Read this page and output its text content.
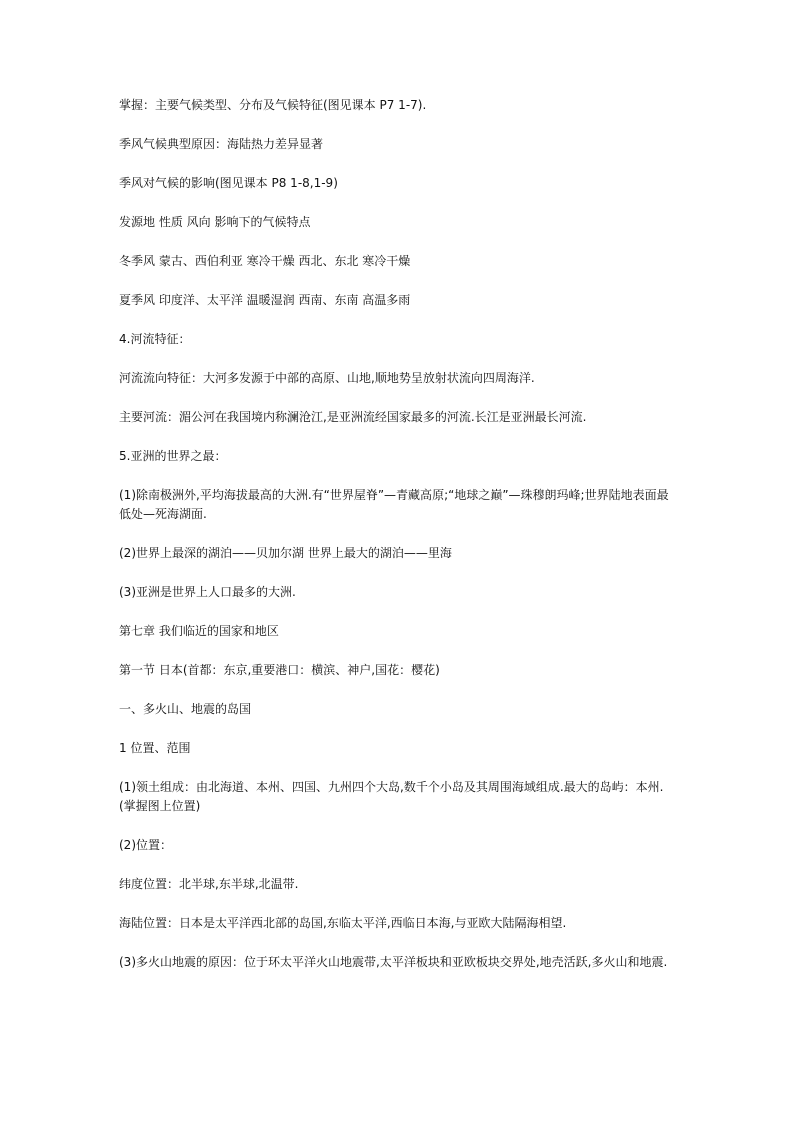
掌握：主要气候类型、分布及气候特征(图见课本 P7 1-7).

季风气候典型原因：海陆热力差异显著

季风对气候的影响(图见课本 P8 1-8,1-9)

发源地 性质 风向 影响下的气候特点

冬季风 蒙古、西伯利亚 寒冷干燥 西北、东北 寒冷干燥

夏季风 印度洋、太平洋 温暖湿润 西南、东南 高温多雨

4.河流特征：

河流流向特征：大河多发源于中部的高原、山地,顺地势呈放射状流向四周海洋.

主要河流：湄公河在我国境内称澜沧江,是亚洲流经国家最多的河流.长江是亚洲最长河流.

5.亚洲的世界之最：

(1)除南极洲外,平均海拔最高的大洲.有“世界屋脊”—青藏高原;“地球之巅”—珠穆朗玛峰;世界陆地表面最低处—死海湖面.

(2)世界上最深的湖泊——贝加尔湖 世界上最大的湖泊——里海

(3)亚洲是世界上人口最多的大洲.

第七章 我们临近的国家和地区

第一节 日本(首都：东京,重要港口：横滨、神户,国花：樱花)

一、多火山、地震的岛国

1 位置、范围

(1)领土组成：由北海道、本州、四国、九州四个大岛,数千个小岛及其周围海域组成.最大的岛屿：本州.(掌握图上位置)

(2)位置：

纬度位置：北半球,东半球,北温带.

海陆位置：日本是太平洋西北部的岛国,东临太平洋,西临日本海,与亚欧大陆隔海相望.

(3)多火山地震的原因：位于环太平洋火山地震带,太平洋板块和亚欧板块交界处,地壳活跃,多火山和地震.
